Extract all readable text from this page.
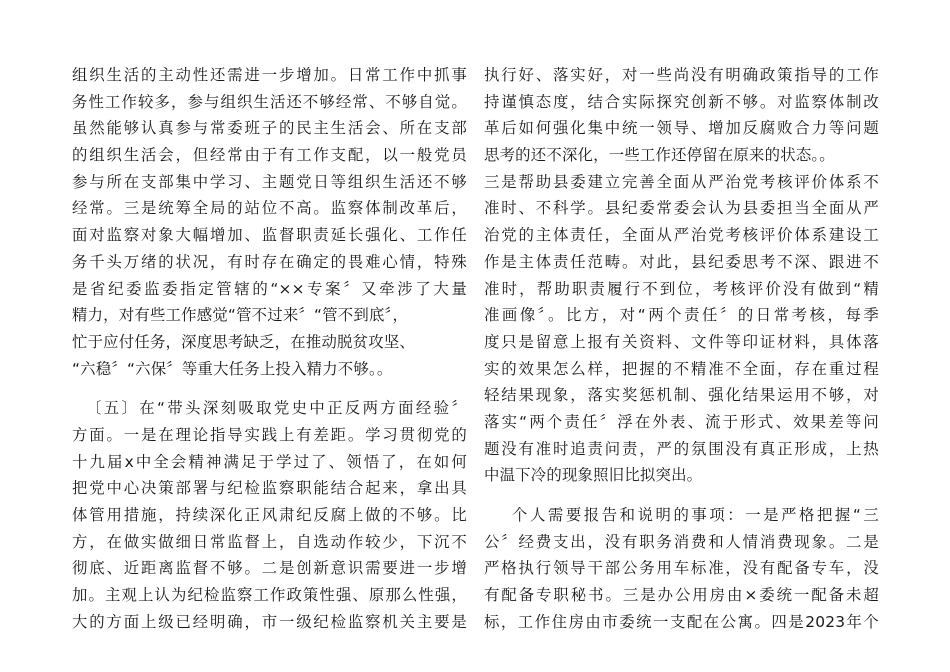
组织生活的主动性还需进一步增加。日常工作中抓事
务性工作较多，参与组织生活还不够经常、不够自觉。
虽然能够认真参与常委班子的民主生活会、所在支部
的组织生活会，但经常由于有工作支配，以一般党员
参与所在支部集中学习、主题党日等组织生活还不够
经常。三是统筹全局的站位不高。监察体制改革后，
面对监察对象大幅增加、监督职责延长强化、工作任
务千头万绪的状况，有时存在确定的畏难心情，特殊
是省纪委监委指定管辖的“××专案〞又牵涉了大量
精力，对有些工作感觉“管不过来〞“管不到底〞，
忙于应付任务，深度思考缺乏，在推动脱贫攻坚、
“六稳〞“六保〞等重大任务上投入精力不够。。
〔五〕在“带头深刻吸取党史中正反两方面经验〞
方面。一是在理论指导实践上有差距。学习贯彻党的
十九届x中全会精神满足于学过了、领悟了，在如何
把党中心决策部署与纪检监察职能结合起来，拿出具
体管用措施，持续深化正风肃纪反腐上做的不够。比
方，在做实做细日常监督上，自选动作较少，下沉不
彻底、近距离监督不够。二是创新意识需要进一步增
加。主观上认为纪检监察工作政策性强、原那么性强，
大的方面上级已经明确，市一级纪检监察机关主要是
执行好、落实好，对一些尚没有明确政策指导的工作
持谨慎态度，结合实际探究创新不够。对监察体制改
革后如何强化集中统一领导、增加反腐败合力等问题
思考的还不深化，一些工作还停留在原来的状态。。
三是帮助县委建立完善全面从严治党考核评价体系不
准时、不科学。县纪委常委会认为县委担当全面从严
治党的主体责任，全面从严治党考核评价体系建设工
作是主体责任范畴。对此，县纪委思考不深、跟进不
准时，帮助职责履行不到位，考核评价没有做到“精
准画像〞。比方，对“两个责任〞的日常考核，每季
度只是留意上报有关资料、文件等印证材料，具体落
实的效果怎么样，把握的不精准不全面，存在重过程
轻结果现象，落实奖惩机制、强化结果运用不够，对
落实“两个责任〞浮在外表、流于形式、效果差等问
题没有准时追责问责，严的氛围没有真正形成，上热
中温下冷的现象照旧比拟突出。
个人需要报告和说明的事项：一是严格把握“三
公〞经费支出，没有职务消费和人情消费现象。二是
严格执行领导干部公务用车标准，没有配备专车，没
有配备专职秘书。三是办公用房由×委统一配备未超
标，工作住房由市委统一支配在公寓。四是2023年个
